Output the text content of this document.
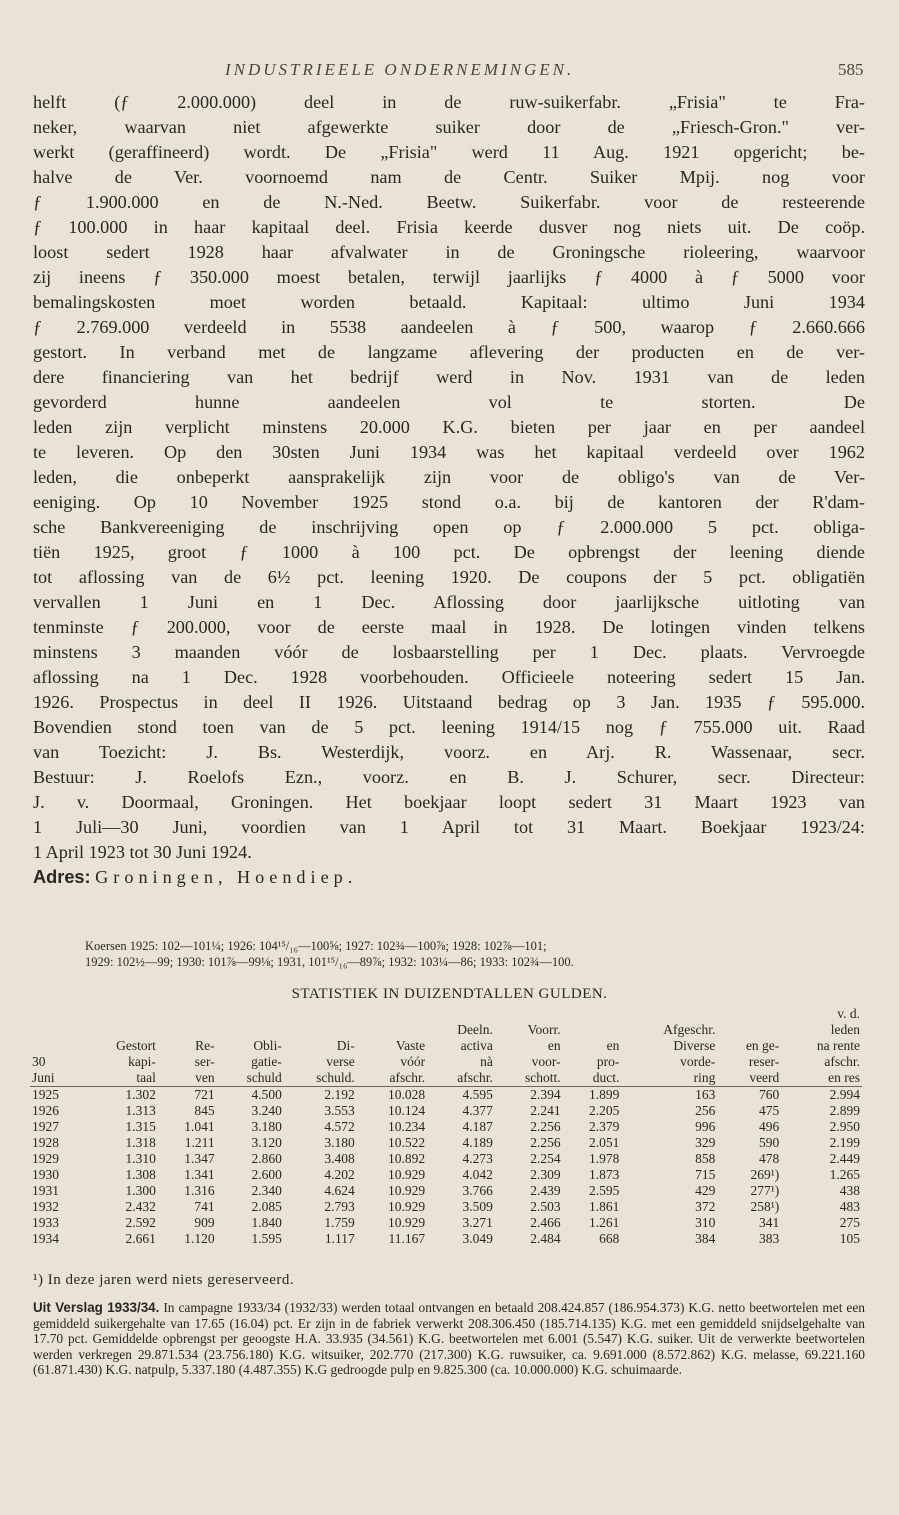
INDUSTRIEELE ONDERNEMINGEN.	585

helft (ƒ 2.000.000) deel in de ruw-suikerfabr. „Frisia" te Fra-

neker, waarvan niet afgewerkte suiker door de „Friesch-Gron." ver-

werkt (geraffineerd) wordt. De „Frisia" werd 11 Aug. 1921 opgericht; be-

halve de Ver. voornoemd nam de Centr. Suiker Mpij. nog voor

ƒ 1.900.000 en de N.-Ned. Beetw. Suikerfabr. voor de resteerende

ƒ 100.000 in haar kapitaal deel. Frisia keerde dusver nog niets uit. De coöp.

loost sedert 1928 haar afvalwater in de Groningsche rioleering, waarvoor

zij ineens ƒ 350.000 moest betalen, terwijl jaarlijks ƒ 4000 à ƒ 5000 voor

bemalingskosten moet worden betaald. Kapitaal: ultimo Juni 1934

ƒ 2.769.000 verdeeld in 5538 aandeelen à ƒ 500, waarop ƒ 2.660.666

gestort. In verband met de langzame aflevering der producten en de ver-

dere financiering van het bedrijf werd in Nov. 1931 van de leden

gevorderd hunne aandeelen vol te storten. De

leden zijn verplicht minstens 20.000 K.G. bieten per jaar en per aandeel

te leveren. Op den 30sten Juni 1934 was het kapitaal verdeeld over 1962

leden, die onbeperkt aansprakelijk zijn voor de obligo's van de Ver-

eeniging. Op 10 November 1925 stond o.a. bij de kantoren der R'dam-

sche Bankvereeniging de inschrijving open op ƒ 2.000.000 5 pct. obliga-

tiën 1925, groot ƒ 1000 à 100 pct. De opbrengst der leening diende

tot aflossing van de 6½ pct. leening 1920. De coupons der 5 pct. obligatiën

vervallen 1 Juni en 1 Dec. Aflossing door jaarlijksche uitloting van

tenminste ƒ 200.000, voor de eerste maal in 1928. De lotingen vinden telkens

minstens 3 maanden vóór de losbaarstelling per 1 Dec. plaats. Vervroegde

aflossing na 1 Dec. 1928 voorbehouden. Officieele noteering sedert 15 Jan.

1926. Prospectus in deel II 1926. Uitstaand bedrag op 3 Jan. 1935 ƒ 595.000.

Bovendien stond toen van de 5 pct. leening 1914/15 nog ƒ 755.000 uit. Raad

van Toezicht: J. Bs. Westerdijk, voorz. en Arj. R. Wassenaar, secr.

Bestuur: J. Roelofs Ezn., voorz. en B. J. Schurer, secr. Directeur:

J. v. Doormaal, Groningen. Het boekjaar loopt sedert 31 Maart 1923 van

1 Juli—30 Juni, voordien van 1 April tot 31 Maart. Boekjaar 1923/24:

1 April 1923 tot 30 Juni 1924.

Adres: Groningen, Hoendiep.

Koersen 1925: 102—101¼; 1926: 104¹⁵/₁₆—100⅝; 1927: 102¾—100⅞; 1928: 102⅞—101;
1929: 102½—99; 1930: 101⅞—99⅛; 1931, 101¹⁵/₁₆—89⅞; 1932: 103¼—86; 1933: 102¾—100.
STATISTIEK IN DUIZENDTALLEN GULDEN.
											v. d.
						Deeln.	Voorr.		Afgeschr.		leden
	Gestort	Re-	Obli-	Di-	Vaste	activa	en	en	Diverse	en ge-	na rente
30	kapi-	ser-	gatie-	verse	vóór	nà	voor-	pro-	vorde-	reser-	afschr.
Juni	taal	ven	schuld	schuld.	afschr.	afschr.	schott.	duct.	ring	veerd	en res
1925	1.302	721	4.500	2.192	10.028	4.595	2.394	1.899	163	760	2.994
1926	1.313	845	3.240	3.553	10.124	4.377	2.241	2.205	256	475	2.899
1927	1.315	1.041	3.180	4.572	10.234	4.187	2.256	2.379	996	496	2.950
1928	1.318	1.211	3.120	3.180	10.522	4.189	2.256	2.051	329	590	2.199
1929	1.310	1.347	2.860	3.408	10.892	4.273	2.254	1.978	858	478	2.449
1930	1.308	1.341	2.600	4.202	10.929	4.042	2.309	1.873	715	269¹)	1.265
1931	1.300	1.316	2.340	4.624	10.929	3.766	2.439	2.595	429	277¹)	438
1932	2.432	741	2.085	2.793	10.929	3.509	2.503	1.861	372	258¹)	483
1933	2.592	909	1.840	1.759	10.929	3.271	2.466	1.261	310	341	275
1934	2.661	1.120	1.595	1.117	11.167	3.049	2.484	668	384	383	105
¹) In deze jaren werd niets gereserveerd.
Uit Verslag 1933/34. In campagne 1933/34 (1932/33) werden totaal ontvangen en betaald 208.424.857 (186.954.373) K.G. netto beetwortelen met een gemiddeld suikergehalte van 17.65 (16.04) pct. Er zijn in de fabriek verwerkt 208.306.450 (185.714.135) K.G. met een gemiddeld snijdselgehalte van 17.70 pct. Gemiddelde opbrengst per geoogste H.A. 33.935 (34.561) K.G. beetwortelen met 6.001 (5.547) K.G. suiker. Uit de verwerkte beetwortelen werden verkregen 29.871.534 (23.756.180) K.G. witsuiker, 202.770 (217.300) K.G. ruwsuiker, ca. 9.691.000 (8.572.862) K.G. melasse, 69.221.160 (61.871.430) K.G. natpulp, 5.337.180 (4.487.355) K.G gedroogde pulp en 9.825.300 (ca. 10.000.000) K.G. schuimaarde.
